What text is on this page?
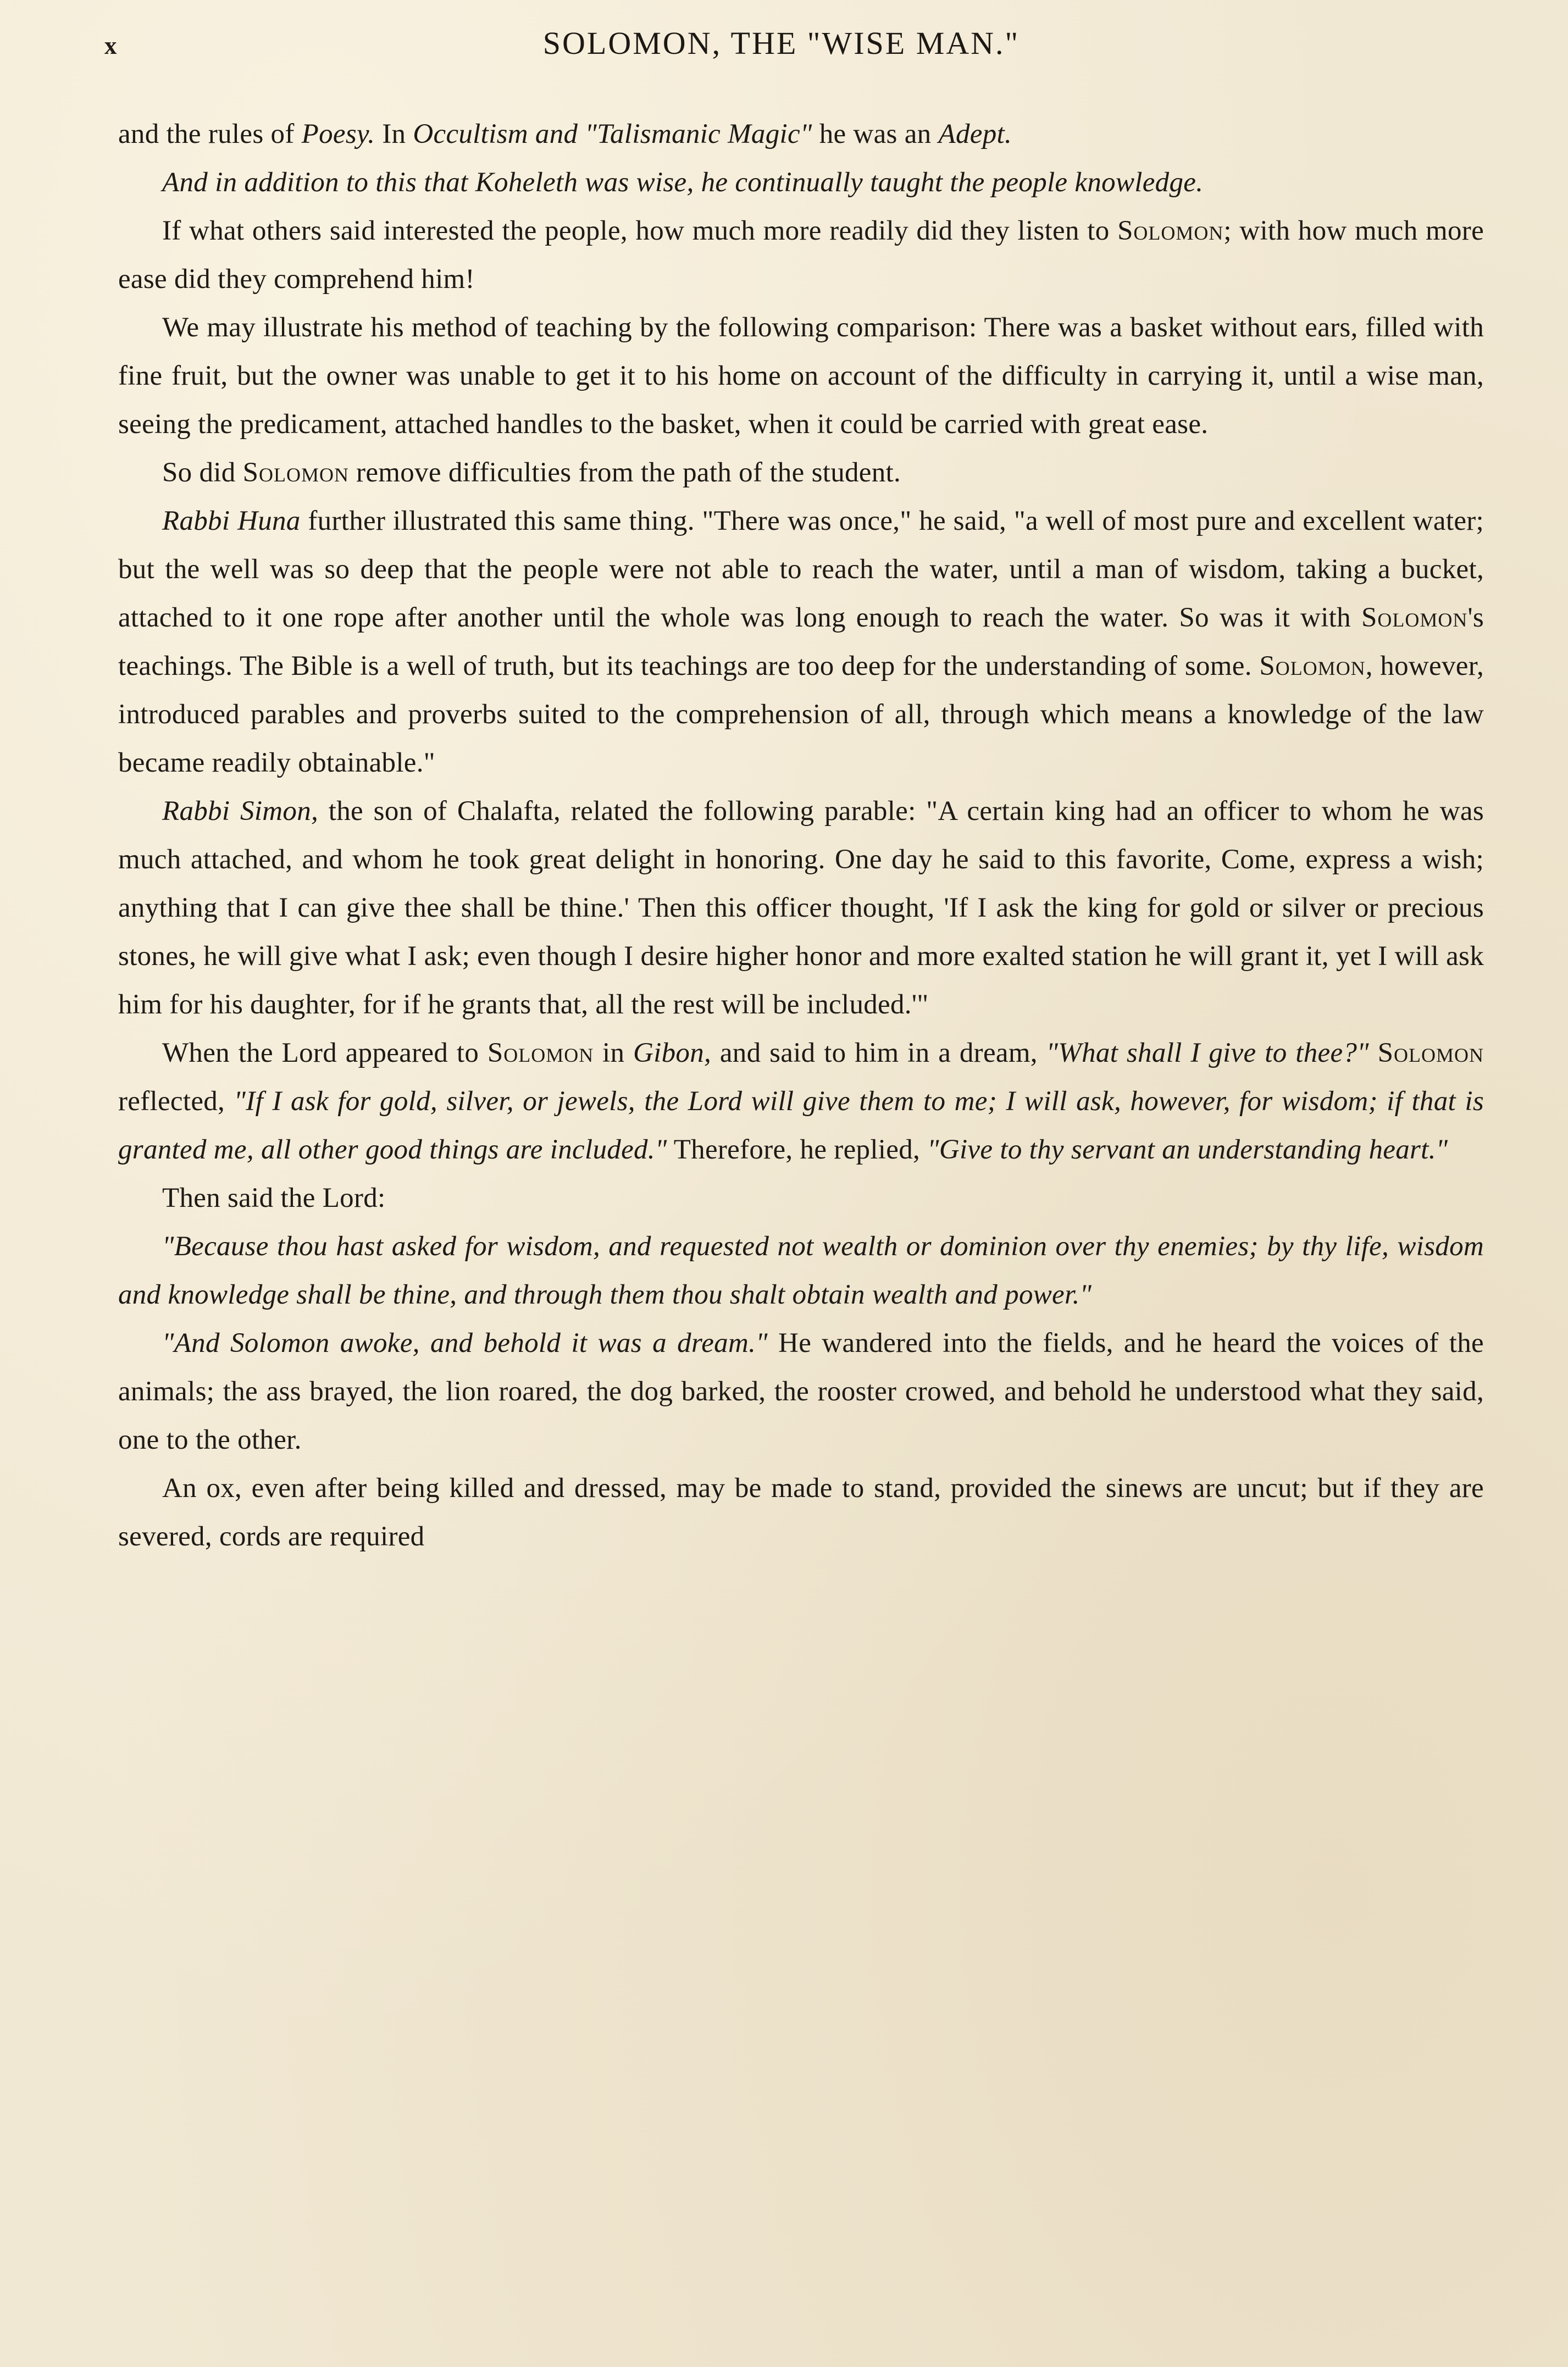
x	SOLOMON, THE "WISE MAN."

and the rules of Poesy. In Occultism and "Talismanic Magic" he was an Adept.

And in addition to this that Koheleth was wise, he continually taught the people knowledge.

If what others said interested the people, how much more readily did they listen to Solomon; with how much more ease did they comprehend him!

We may illustrate his method of teaching by the following comparison: There was a basket without ears, filled with fine fruit, but the owner was unable to get it to his home on account of the difficulty in carrying it, until a wise man, seeing the predicament, attached handles to the basket, when it could be carried with great ease.

So did Solomon remove difficulties from the path of the student.

Rabbi Huna further illustrated this same thing. "There was once," he said, "a well of most pure and excellent water; but the well was so deep that the people were not able to reach the water, until a man of wisdom, taking a bucket, attached to it one rope after another until the whole was long enough to reach the water. So was it with Solomon's teachings. The Bible is a well of truth, but its teachings are too deep for the understanding of some. Solomon, however, introduced parables and proverbs suited to the comprehension of all, through which means a knowledge of the law became readily obtainable."

Rabbi Simon, the son of Chalafta, related the following parable: "A certain king had an officer to whom he was much attached, and whom he took great delight in honoring. One day he said to this favorite, Come, express a wish; anything that I can give thee shall be thine.' Then this officer thought, 'If I ask the king for gold or silver or precious stones, he will give what I ask; even though I desire higher honor and more exalted station he will grant it, yet I will ask him for his daughter, for if he grants that, all the rest will be included.'"

When the Lord appeared to Solomon in Gibon, and said to him in a dream, "What shall I give to thee?" Solomon reflected, "If I ask for gold, silver, or jewels, the Lord will give them to me; I will ask, however, for wisdom; if that is granted me, all other good things are included." Therefore, he replied, "Give to thy servant an understanding heart."

Then said the Lord:

"Because thou hast asked for wisdom, and requested not wealth or dominion over thy enemies; by thy life, wisdom and knowledge shall be thine, and through them thou shalt obtain wealth and power."

"And Solomon awoke, and behold it was a dream." He wandered into the fields, and he heard the voices of the animals; the ass brayed, the lion roared, the dog barked, the rooster crowed, and behold he understood what they said, one to the other.

An ox, even after being killed and dressed, may be made to stand, provided the sinews are uncut; but if they are severed, cords are required
